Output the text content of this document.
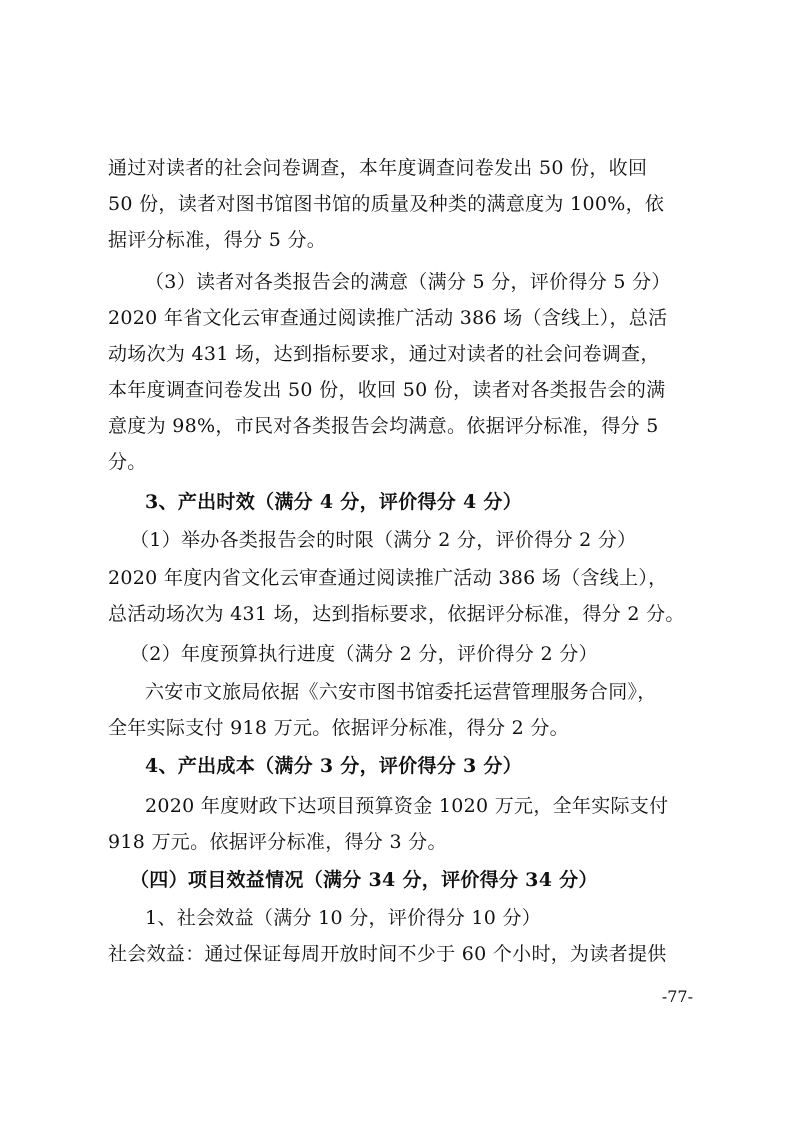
通过对读者的社会问卷调查，本年度调查问卷发出 50 份，收回
50 份，读者对图书馆图书馆的质量及种类的满意度为 100%，依
据评分标准，得分 5 分。
（3）读者对各类报告会的满意（满分 5 分，评价得分 5 分）
2020 年省文化云审查通过阅读推广活动 386 场（含线上），总活
动场次为 431 场，达到指标要求，通过对读者的社会问卷调查，
本年度调查问卷发出 50 份，收回 50 份，读者对各类报告会的满
意度为 98%，市民对各类报告会均满意。依据评分标准，得分 5
分。
3、产出时效（满分 4 分，评价得分 4 分）
（1）举办各类报告会的时限（满分 2 分，评价得分 2 分）
2020 年度内省文化云审查通过阅读推广活动 386 场（含线上），
总活动场次为 431 场，达到指标要求，依据评分标准，得分 2 分。
（2）年度预算执行进度（满分 2 分，评价得分 2 分）
六安市文旅局依据《六安市图书馆委托运营管理服务合同》，
全年实际支付 918 万元。依据评分标准，得分 2 分。
4、产出成本（满分 3 分，评价得分 3 分）
2020 年度财政下达项目预算资金 1020 万元，全年实际支付
918 万元。依据评分标准，得分 3 分。
（四）项目效益情况（满分 34 分，评价得分 34 分）
1、社会效益（满分 10 分，评价得分 10 分）
社会效益：通过保证每周开放时间不少于 60 个小时，为读者提供
-77-
